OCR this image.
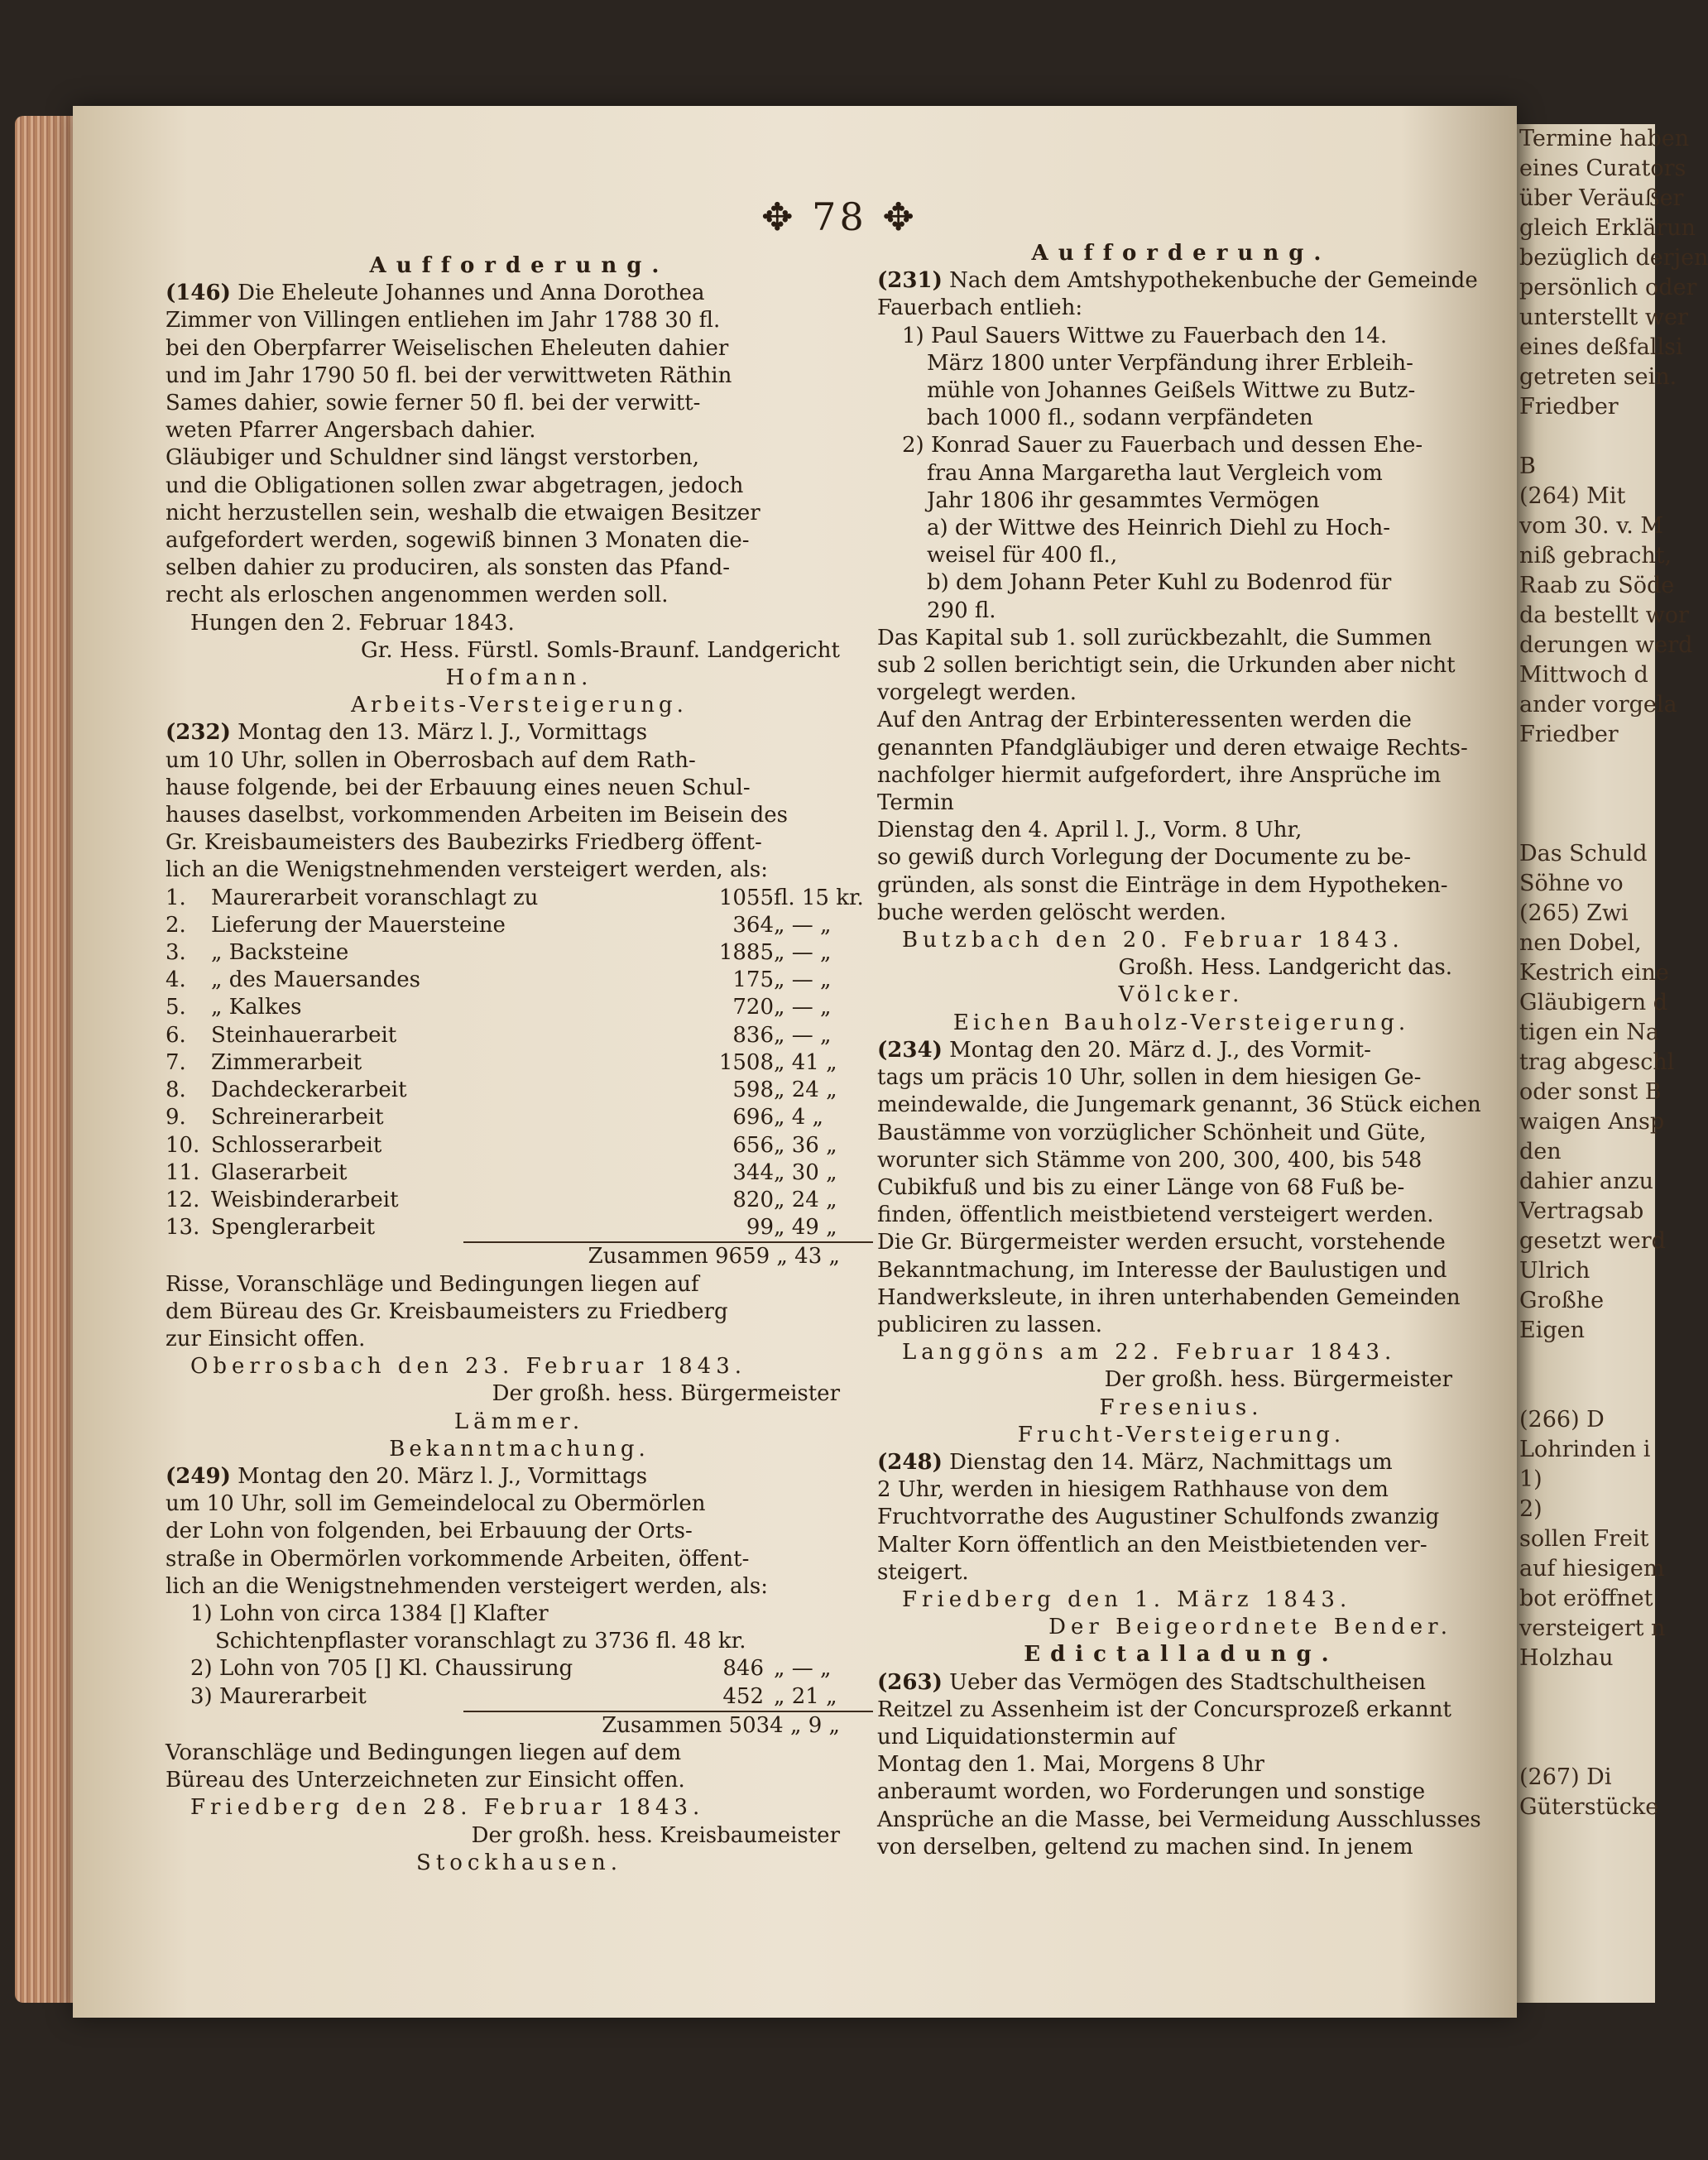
Termine haben
eines Curators
über Veräußer
gleich Erklärun
bezüglich derjen
persönlich oder
unterstellt wer
eines deßfallsi
getreten sein.
Friedber

B
(264) Mit
vom 30. v. M
niß gebracht,
Raab zu Söde
da bestellt wor
derungen werd
Mittwoch d
ander vorgela
Friedber

Das Schuld
Söhne vo
(265) Zwi
nen Dobel,
Kestrich eine
Gläubigern d
tigen ein Na
trag abgeschl
oder sonst B
waigen Ansp
den
dahier anzu
Vertragsab
gesetzt werd
Ulrich
Großhe
Eigen

(266) D
Lohrinden i
1)
2)
sollen Freit
auf hiesigem
bot eröffnet
versteigert n
Holzhau

(267) Di
Güterstücke
✥ 78 ✥
Aufforderung.
(146) Die Eheleute Johannes und Anna Dorothea
Zimmer von Villingen entliehen im Jahr 1788 30 fl.
bei den Oberpfarrer Weiselischen Eheleuten dahier
und im Jahr 1790 50 fl. bei der verwittweten Räthin
Sames dahier, sowie ferner 50 fl. bei der verwitt-
weten Pfarrer Angersbach dahier.
Gläubiger und Schuldner sind längst verstorben,
und die Obligationen sollen zwar abgetragen, jedoch
nicht herzustellen sein, weshalb die etwaigen Besitzer
aufgefordert werden, sogewiß binnen 3 Monaten die-
selben dahier zu produciren, als sonsten das Pfand-
recht als erloschen angenommen werden soll.
Hungen den 2. Februar 1843.
Gr. Hess. Fürstl. Somls-Braunf. Landgericht
Hofmann.
Arbeits-Versteigerung.
(232) Montag den 13. März l. J., Vormittags
um 10 Uhr, sollen in Oberrosbach auf dem Rath-
hause folgende, bei der Erbauung eines neuen Schul-
hauses daselbst, vorkommenden Arbeiten im Beisein des
Gr. Kreisbaumeisters des Baubezirks Friedberg öffent-
lich an die Wenigstnehmenden versteigert werden, als:
1.	Maurerarbeit voranschlagt zu	1055	fl. 15 kr.
2.	Lieferung der Mauersteine	364	„ — „
3.	„ Backsteine	1885	„ — „
4.	„ des Mauersandes	175	„ — „
5.	„ Kalkes	720	„ — „
6.	Steinhauerarbeit	836	„ — „
7.	Zimmerarbeit	1508	„ 41 „
8.	Dachdeckerarbeit	598	„ 24 „
9.	Schreinerarbeit	696	„ 4 „
10.	Schlosserarbeit	656	„ 36 „
11.	Glaserarbeit	344	„ 30 „
12.	Weisbinderarbeit	820	„ 24 „
13.	Spenglerarbeit	99	„ 49 „
Zusammen 9659 „ 43 „
Risse, Voranschläge und Bedingungen liegen auf
dem Büreau des Gr. Kreisbaumeisters zu Friedberg
zur Einsicht offen.
Oberrosbach den 23. Februar 1843.
Der großh. hess. Bürgermeister
Lämmer.
Bekanntmachung.
(249) Montag den 20. März l. J., Vormittags
um 10 Uhr, soll im Gemeindelocal zu Obermörlen
der Lohn von folgenden, bei Erbauung der Orts-
straße in Obermörlen vorkommende Arbeiten, öffent-
lich an die Wenigstnehmenden versteigert werden, als:
1) Lohn von circa 1384 [] Klafter
Schichtenpflaster voranschlagt zu 3736 fl. 48 kr.
2) Lohn von 705 [] Kl. Chaussirung	846 „ — „
3) Maurerarbeit	452 „ 21 „
Zusammen 5034 „ 9 „
Voranschläge und Bedingungen liegen auf dem
Büreau des Unterzeichneten zur Einsicht offen.
Friedberg den 28. Februar 1843.
Der großh. hess. Kreisbaumeister
Stockhausen.
Aufforderung.
(231) Nach dem Amtshypothekenbuche der Gemeinde
Fauerbach entlieh:
1) Paul Sauers Wittwe zu Fauerbach den 14.
März 1800 unter Verpfändung ihrer Erbleih-
mühle von Johannes Geißels Wittwe zu Butz-
bach 1000 fl., sodann verpfändeten
2) Konrad Sauer zu Fauerbach und dessen Ehe-
frau Anna Margaretha laut Vergleich vom
Jahr 1806 ihr gesammtes Vermögen
a) der Wittwe des Heinrich Diehl zu Hoch-
weisel für 400 fl.,
b) dem Johann Peter Kuhl zu Bodenrod für
290 fl.
Das Kapital sub 1. soll zurückbezahlt, die Summen
sub 2 sollen berichtigt sein, die Urkunden aber nicht
vorgelegt werden.
Auf den Antrag der Erbinteressenten werden die
genannten Pfandgläubiger und deren etwaige Rechts-
nachfolger hiermit aufgefordert, ihre Ansprüche im
Termin
Dienstag den 4. April l. J., Vorm. 8 Uhr,
so gewiß durch Vorlegung der Documente zu be-
gründen, als sonst die Einträge in dem Hypotheken-
buche werden gelöscht werden.
Butzbach den 20. Februar 1843.
Großh. Hess. Landgericht das.
Völcker.
Eichen Bauholz-Versteigerung.
(234) Montag den 20. März d. J., des Vormit-
tags um präcis 10 Uhr, sollen in dem hiesigen Ge-
meindewalde, die Jungemark genannt, 36 Stück eichen
Baustämme von vorzüglicher Schönheit und Güte,
worunter sich Stämme von 200, 300, 400, bis 548
Cubikfuß und bis zu einer Länge von 68 Fuß be-
finden, öffentlich meistbietend versteigert werden.
Die Gr. Bürgermeister werden ersucht, vorstehende
Bekanntmachung, im Interesse der Baulustigen und
Handwerksleute, in ihren unterhabenden Gemeinden
publiciren zu lassen.
Langgöns am 22. Februar 1843.
Der großh. hess. Bürgermeister
Fresenius.
Frucht-Versteigerung.
(248) Dienstag den 14. März, Nachmittags um
2 Uhr, werden in hiesigem Rathhause von dem
Fruchtvorrathe des Augustiner Schulfonds zwanzig
Malter Korn öffentlich an den Meistbietenden ver-
steigert.
Friedberg den 1. März 1843.
Der Beigeordnete Bender.
Edictalladung.
(263) Ueber das Vermögen des Stadtschultheisen
Reitzel zu Assenheim ist der Concursprozeß erkannt
und Liquidationstermin auf
Montag den 1. Mai, Morgens 8 Uhr
anberaumt worden, wo Forderungen und sonstige
Ansprüche an die Masse, bei Vermeidung Ausschlusses
von derselben, geltend zu machen sind. In jenem
